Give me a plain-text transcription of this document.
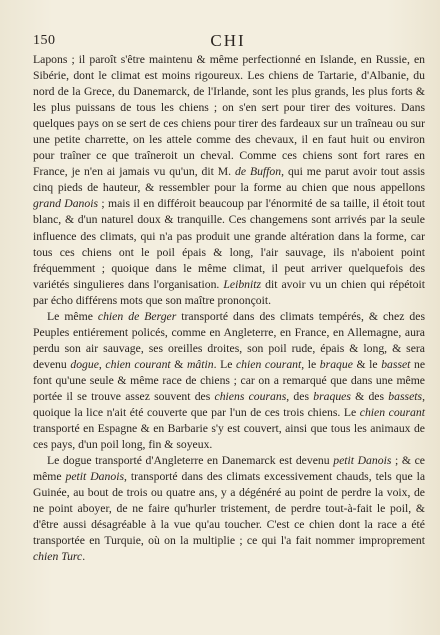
150	CHI

Lapons ; il paroît s'être maintenu & même perfectionné en Islande, en Russie, en Sibérie, dont le climat est moins rigoureux. Les chiens de Tartarie, d'Albanie, du nord de la Grece, du Danemarck, de l'Irlande, sont les plus grands, les plus forts & les plus puissans de tous les chiens ; on s'en sert pour tirer des voitures. Dans quelques pays on se sert de ces chiens pour tirer des fardeaux sur un traîneau ou sur une petite charrette, on les attele comme des chevaux, il en faut huit ou environ pour traîner ce que traîneroit un cheval. Comme ces chiens sont fort rares en France, je n'en ai jamais vu qu'un, dit M. de Buffon, qui me parut avoir tout assis cinq pieds de hauteur, & ressembler pour la forme au chien que nous appellons grand Danois ; mais il en différoit beaucoup par l'énormité de sa taille, il étoit tout blanc, & d'un naturel doux & tranquille. Ces changemens sont arrivés par la seule influence des climats, qui n'a pas produit une grande altération dans la forme, car tous ces chiens ont le poil épais & long, l'air sauvage, ils n'aboient point fréquemment ; quoique dans le même climat, il peut arriver quelquefois des variétés singulieres dans l'organisation. Leibnitz dit avoir vu un chien qui répétoit par écho différens mots que son maître prononçoit.

Le même chien de Berger transporté dans des climats tempérés, & chez des Peuples entiérement policés, comme en Angleterre, en France, en Allemagne, aura perdu son air sauvage, ses oreilles droites, son poil rude, épais & long, & sera devenu dogue, chien courant & mâtin. Le chien courant, le braque & le basset ne font qu'une seule & même race de chiens ; car on a remarqué que dans une même portée il se trouve assez souvent des chiens courans, des braques & des bassets, quoique la lice n'ait été couverte que par l'un de ces trois chiens. Le chien courant transporté en Espagne & en Barbarie s'y est couvert, ainsi que tous les animaux de ces pays, d'un poil long, fin & soyeux.

Le dogue transporté d'Angleterre en Danemarck est devenu petit Danois ; & ce même petit Danois, transporté dans des climats excessivement chauds, tels que la Guinée, au bout de trois ou quatre ans, y a dégénéré au point de perdre la voix, de ne point aboyer, de ne faire qu'hurler tristement, de perdre tout-à-fait le poil, & d'être aussi désagréable à la vue qu'au toucher. C'est ce chien dont la race a été transportée en Turquie, où on la multiplie ; ce qui l'a fait nommer improprement chien Turc.
